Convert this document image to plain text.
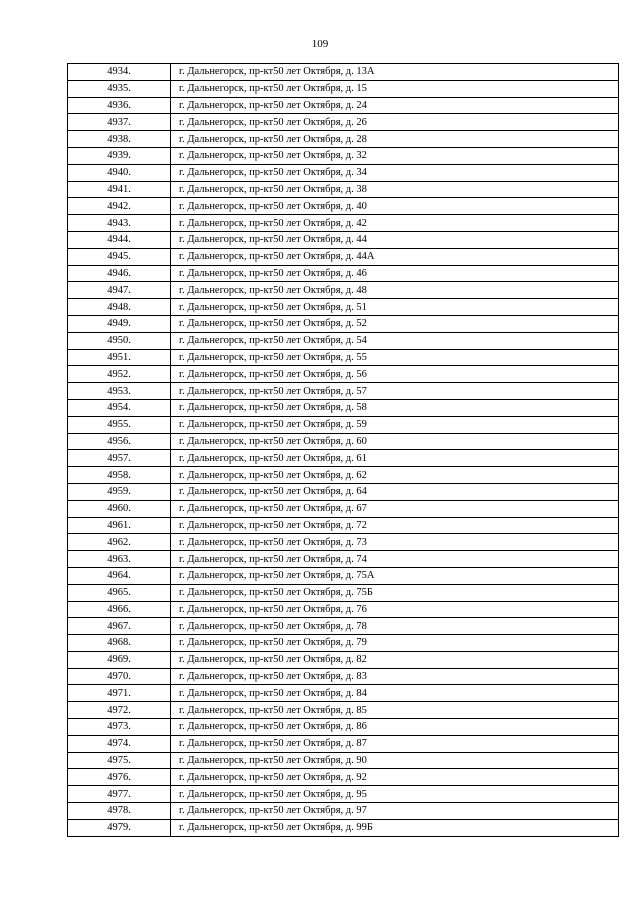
109
4934.	г. Дальнегорск, пр-кт50 лет Октября, д. 13А
4935.	г. Дальнегорск, пр-кт50 лет Октября, д. 15
4936.	г. Дальнегорск, пр-кт50 лет Октября, д. 24
4937.	г. Дальнегорск, пр-кт50 лет Октября, д. 26
4938.	г. Дальнегорск, пр-кт50 лет Октября, д. 28
4939.	г. Дальнегорск, пр-кт50 лет Октября, д. 32
4940.	г. Дальнегорск, пр-кт50 лет Октября, д. 34
4941.	г. Дальнегорск, пр-кт50 лет Октября, д. 38
4942.	г. Дальнегорск, пр-кт50 лет Октября, д. 40
4943.	г. Дальнегорск, пр-кт50 лет Октября, д. 42
4944.	г. Дальнегорск, пр-кт50 лет Октября, д. 44
4945.	г. Дальнегорск, пр-кт50 лет Октября, д. 44А
4946.	г. Дальнегорск, пр-кт50 лет Октября, д. 46
4947.	г. Дальнегорск, пр-кт50 лет Октября, д. 48
4948.	г. Дальнегорск, пр-кт50 лет Октября, д. 51
4949.	г. Дальнегорск, пр-кт50 лет Октября, д. 52
4950.	г. Дальнегорск, пр-кт50 лет Октября, д. 54
4951.	г. Дальнегорск, пр-кт50 лет Октября, д. 55
4952.	г. Дальнегорск, пр-кт50 лет Октября, д. 56
4953.	г. Дальнегорск, пр-кт50 лет Октября, д. 57
4954.	г. Дальнегорск, пр-кт50 лет Октября, д. 58
4955.	г. Дальнегорск, пр-кт50 лет Октября, д. 59
4956.	г. Дальнегорск, пр-кт50 лет Октября, д. 60
4957.	г. Дальнегорск, пр-кт50 лет Октября, д. 61
4958.	г. Дальнегорск, пр-кт50 лет Октября, д. 62
4959.	г. Дальнегорск, пр-кт50 лет Октября, д. 64
4960.	г. Дальнегорск, пр-кт50 лет Октября, д. 67
4961.	г. Дальнегорск, пр-кт50 лет Октября, д. 72
4962.	г. Дальнегорск, пр-кт50 лет Октября, д. 73
4963.	г. Дальнегорск, пр-кт50 лет Октября, д. 74
4964.	г. Дальнегорск, пр-кт50 лет Октября, д. 75А
4965.	г. Дальнегорск, пр-кт50 лет Октября, д. 75Б
4966.	г. Дальнегорск, пр-кт50 лет Октября, д. 76
4967.	г. Дальнегорск, пр-кт50 лет Октября, д. 78
4968.	г. Дальнегорск, пр-кт50 лет Октября, д. 79
4969.	г. Дальнегорск, пр-кт50 лет Октября, д. 82
4970.	г. Дальнегорск, пр-кт50 лет Октября, д. 83
4971.	г. Дальнегорск, пр-кт50 лет Октября, д. 84
4972.	г. Дальнегорск, пр-кт50 лет Октября, д. 85
4973.	г. Дальнегорск, пр-кт50 лет Октября, д. 86
4974.	г. Дальнегорск, пр-кт50 лет Октября, д. 87
4975.	г. Дальнегорск, пр-кт50 лет Октября, д. 90
4976.	г. Дальнегорск, пр-кт50 лет Октября, д. 92
4977.	г. Дальнегорск, пр-кт50 лет Октября, д. 95
4978.	г. Дальнегорск, пр-кт50 лет Октября, д. 97
4979.	г. Дальнегорск, пр-кт50 лет Октября, д. 99Б
